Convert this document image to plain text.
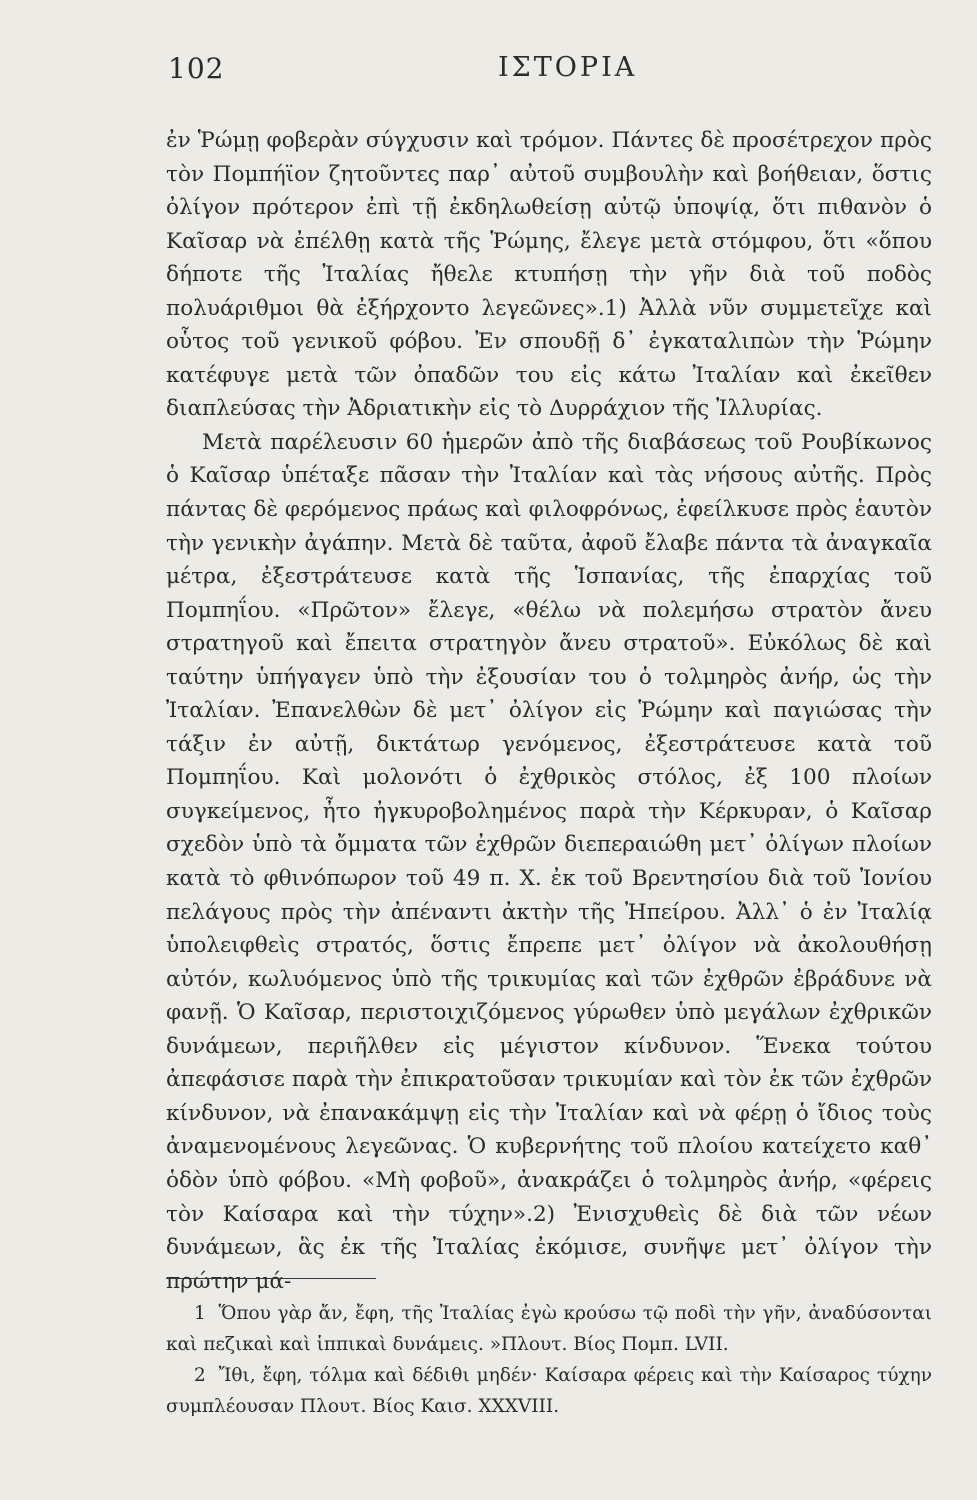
102	ΙΣΤΟΡΙΑ

ἐν Ῥώμῃ φοβερὰν σύγχυσιν καὶ τρόμον. Πάντες δὲ προσέτρεχον πρὸς τὸν Πομπήϊον ζητοῦντες παρ᾽ αὐτοῦ συμβουλὴν καὶ βοήθειαν, ὅστις ὀλίγον πρότερον ἐπὶ τῇ ἐκδηλωθείσῃ αὐτῷ ὑποψίᾳ, ὅτι πιθανὸν ὁ Καῖσαρ νὰ ἐπέλθῃ κατὰ τῆς Ῥώμης, ἔλεγε μετὰ στόμφου, ὅτι «ὅπου δήποτε τῆς Ἰταλίας ἤθελε κτυπήσῃ τὴν γῆν διὰ τοῦ ποδὸς πολυάριθμοι θὰ ἐξήρχοντο λεγεῶνες».1) Ἀλλὰ νῦν συμμετεῖχε καὶ οὗτος τοῦ γενικοῦ φόβου. Ἐν σπουδῇ δ᾽ ἐγκαταλιπὼν τὴν Ῥώμην κατέφυγε μετὰ τῶν ὀπαδῶν του εἰς κάτω Ἰταλίαν καὶ ἐκεῖθεν διαπλεύσας τὴν Ἀδριατικὴν εἰς τὸ Δυρράχιον τῆς Ἰλλυρίας.

Μετὰ παρέλευσιν 60 ἡμερῶν ἀπὸ τῆς διαβάσεως τοῦ Ρουβίκωνος ὁ Καῖσαρ ὑπέταξε πᾶσαν τὴν Ἰταλίαν καὶ τὰς νήσους αὐτῆς. Πρὸς πάντας δὲ φερόμενος πράως καὶ φιλοφρόνως, ἐφείλκυσε πρὸς ἑαυτὸν τὴν γενικὴν ἀγάπην. Μετὰ δὲ ταῦτα, ἀφοῦ ἔλαβε πάντα τὰ ἀναγκαῖα μέτρα, ἐξεστράτευσε κατὰ τῆς Ἱσπανίας, τῆς ἐπαρχίας τοῦ Πομπηΐου. «Πρῶτον» ἔλεγε, «θέλω νὰ πολεμήσω στρατὸν ἄνευ στρατηγοῦ καὶ ἔπειτα στρατηγὸν ἄνευ στρατοῦ». Εὐκόλως δὲ καὶ ταύτην ὑπήγαγεν ὑπὸ τὴν ἐξουσίαν του ὁ τολμηρὸς ἀνήρ, ὡς τὴν Ἰταλίαν. Ἐπανελθὼν δὲ μετ᾽ ὀλίγον εἰς Ῥώμην καὶ παγιώσας τὴν τάξιν ἐν αὐτῇ, δικτάτωρ γενόμενος, ἐξεστράτευσε κατὰ τοῦ Πομπηΐου. Καὶ μολονότι ὁ ἐχθρικὸς στόλος, ἐξ 100 πλοίων συγκείμενος, ἦτο ἠγκυροβολημένος παρὰ τὴν Κέρκυραν, ὁ Καῖσαρ σχεδὸν ὑπὸ τὰ ὄμματα τῶν ἐχθρῶν διεπεραιώθη μετ᾽ ὀλίγων πλοίων κατὰ τὸ φθινόπωρον τοῦ 49 π. Χ. ἐκ τοῦ Βρεντησίου διὰ τοῦ Ἰονίου πελάγους πρὸς τὴν ἀπέναντι ἀκτὴν τῆς Ἠπείρου. Ἀλλ᾽ ὁ ἐν Ἰταλίᾳ ὑπολειφθεὶς στρατός, ὅστις ἔπρεπε μετ᾽ ὀλίγον νὰ ἀκολουθήσῃ αὐτόν, κωλυόμενος ὑπὸ τῆς τρικυμίας καὶ τῶν ἐχθρῶν ἐβράδυνε νὰ φανῇ. Ὁ Καῖσαρ, περιστοιχιζόμενος γύρωθεν ὑπὸ μεγάλων ἐχθρικῶν δυνάμεων, περιῆλθεν εἰς μέγιστον κίνδυνον. Ἕνεκα τούτου ἀπεφάσισε παρὰ τὴν ἐπικρατοῦσαν τρικυμίαν καὶ τὸν ἐκ τῶν ἐχθρῶν κίνδυνον, νὰ ἐπανακάμψῃ εἰς τὴν Ἰταλίαν καὶ νὰ φέρῃ ὁ ἴδιος τοὺς ἀναμενομένους λεγεῶνας. Ὁ κυβερνήτης τοῦ πλοίου κατείχετο καθ᾽ ὁδὸν ὑπὸ φόβου. «Μὴ φοβοῦ», ἀνακράζει ὁ τολμηρὸς ἀνήρ, «φέρεις τὸν Καίσαρα καὶ τὴν τύχην».2) Ἐνισχυθεὶς δὲ διὰ τῶν νέων δυνάμεων, ἃς ἐκ τῆς Ἰταλίας ἐκόμισε, συνῆψε μετ᾽ ὀλίγον τὴν πρώτην μά-

1 Ὅπου γὰρ ἄν, ἔφη, τῆς Ἰταλίας ἐγὼ κρούσω τῷ ποδὶ τὴν γῆν, ἀναδύσονται καὶ πεζικαὶ καὶ ἱππικαὶ δυνάμεις. »Πλουτ. Βίος Πομπ. LVII.

2 Ἴθι, ἔφη, τόλμα καὶ δέδιθι μηδέν· Καίσαρα φέρεις καὶ τὴν Καίσαρος τύχην συμπλέουσαν Πλουτ. Βίος Καισ. XXXVIII.
